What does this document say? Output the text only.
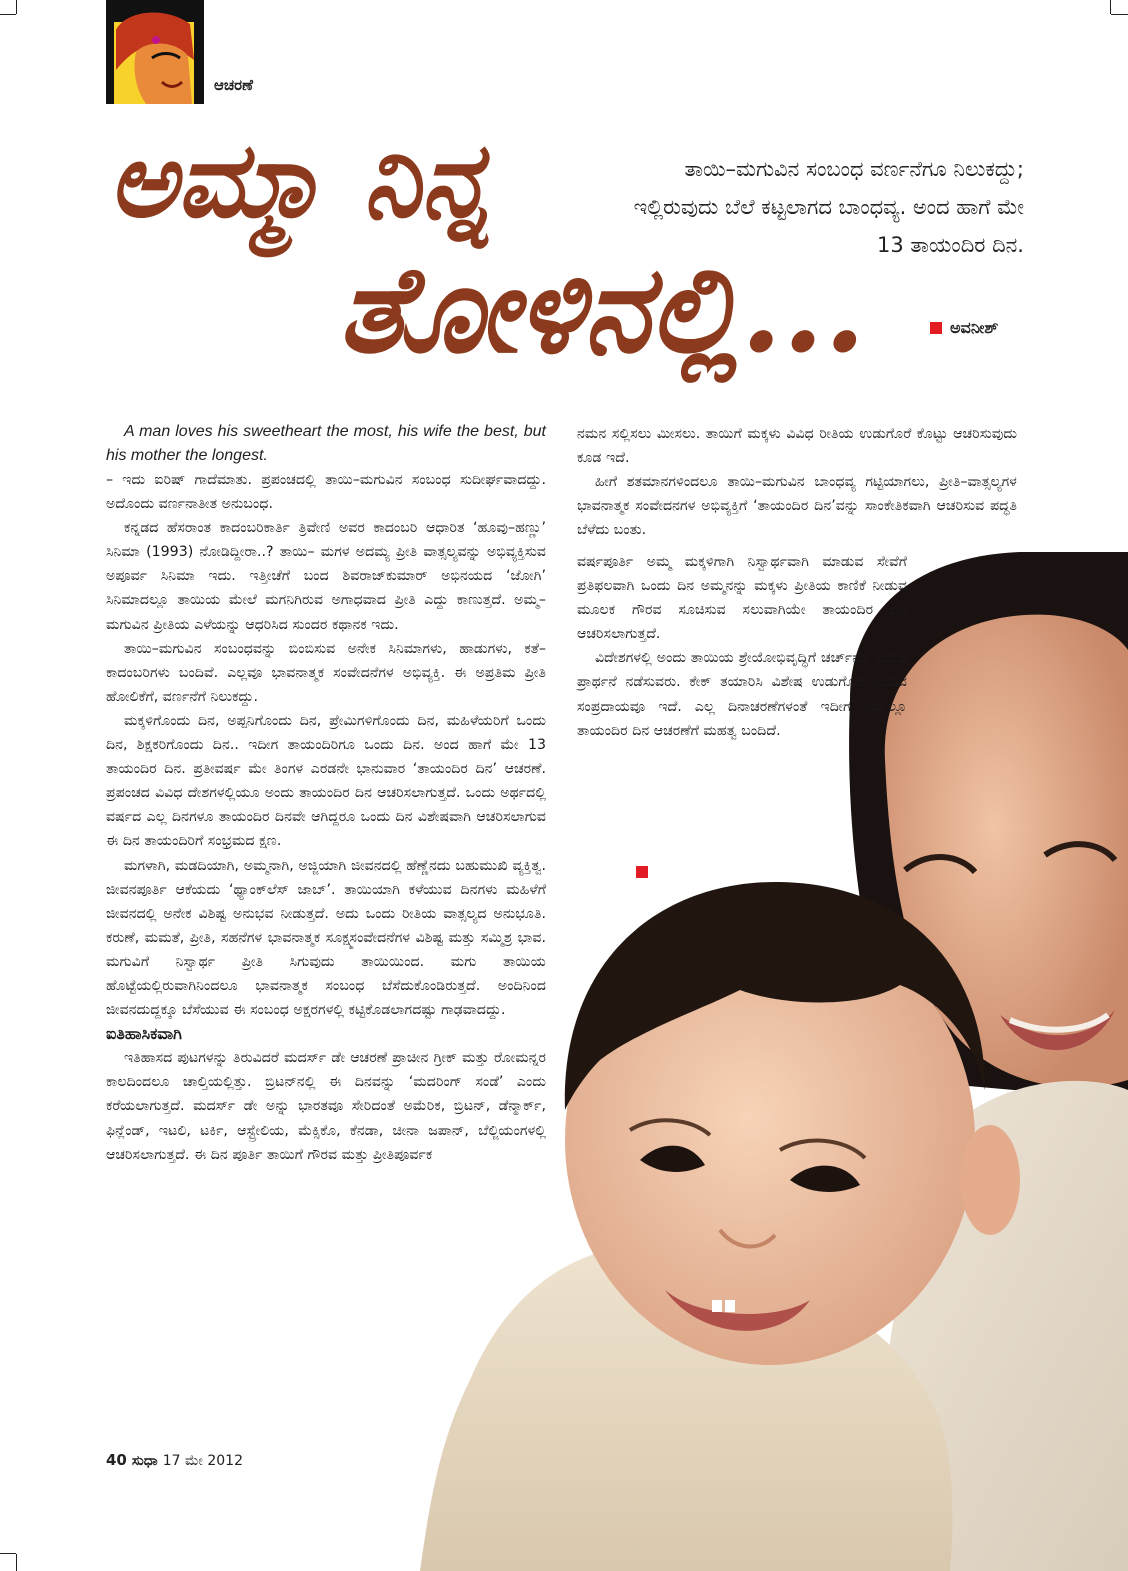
ಆಚರಣೆ
ಅಮ್ಮಾ ನಿನ್ನ
ತೋಳಿನಲ್ಲಿ...
ತಾಯಿ–ಮಗುವಿನ ಸಂಬಂಧ ವರ್ಣನೆಗೂ ನಿಲುಕದ್ದು; ಇಲ್ಲಿರುವುದು ಬೆಲೆ ಕಟ್ಟಲಾಗದ ಬಾಂಧವ್ಯ. ಅಂದ ಹಾಗೆ ಮೇ 13 ತಾಯಂದಿರ ದಿನ.
ಅವನೀಶ್

A man loves his sweetheart the most, his wife the best, but his mother the longest.

– ಇದು ಐರಿಷ್ ಗಾದೆಮಾತು. ಪ್ರಪಂಚದಲ್ಲಿ ತಾಯಿ–ಮಗುವಿನ ಸಂಬಂಧ ಸುದೀರ್ಘವಾದದ್ದು. ಅದೊಂದು ವರ್ಣನಾತೀತ ಅನುಬಂಧ.

ಕನ್ನಡದ ಹೆಸರಾಂತ ಕಾದಂಬರಿಕಾರ್ತಿ ತ್ರಿವೇಣಿ ಅವರ ಕಾದಂಬರಿ ಆಧಾರಿತ ‘ಹೂವು–ಹಣ್ಣು’ ಸಿನಿಮಾ (1993) ನೋಡಿದ್ದೀರಾ..? ತಾಯಿ– ಮಗಳ ಅದಮ್ಯ ಪ್ರೀತಿ ವಾತ್ಸಲ್ಯವನ್ನು ಅಭಿವ್ಯಕ್ತಿಸುವ ಅಪೂರ್ವ ಸಿನಿಮಾ ಇದು. ಇತ್ತೀಚೆಗೆ ಬಂದ ಶಿವರಾಜ್‌ಕುಮಾರ್ ಅಭಿನಯದ ‘ಜೋಗಿ’ ಸಿನಿಮಾದಲ್ಲೂ ತಾಯಿಯ ಮೇಲೆ ಮಗನಿಗಿರುವ ಅಗಾಧವಾದ ಪ್ರೀತಿ ಎದ್ದು ಕಾಣುತ್ತದೆ. ಅಮ್ಮ–ಮಗುವಿನ ಪ್ರೀತಿಯ ಎಳೆಯನ್ನು ಆಧರಿಸಿದ ಸುಂದರ ಕಥಾನಕ ಇದು.

ತಾಯಿ–ಮಗುವಿನ ಸಂಬಂಧವನ್ನು ಬಿಂಬಿಸುವ ಅನೇಕ ಸಿನಿಮಾಗಳು, ಹಾಡುಗಳು, ಕತೆ–ಕಾದಂಬರಿಗಳು ಬಂದಿವೆ. ಎಲ್ಲವೂ ಭಾವನಾತ್ಮಕ ಸಂವೇದನೆಗಳ ಅಭಿವ್ಯಕ್ತಿ. ಈ ಅಪ್ರತಿಮ ಪ್ರೀತಿ ಹೋಲಿಕೆಗೆ, ವರ್ಣನೆಗೆ ನಿಲುಕದ್ದು.

ಮಕ್ಕಳಿಗೊಂದು ದಿನ, ಅಪ್ಪನಿಗೊಂದು ದಿನ, ಪ್ರೇಮಿಗಳಿಗೊಂದು ದಿನ, ಮಹಿಳೆಯರಿಗೆ ಒಂದು ದಿನ, ಶಿಕ್ಷಕರಿಗೊಂದು ದಿನ.. ಇದೀಗ ತಾಯಂದಿರಿಗೂ ಒಂದು ದಿನ. ಅಂದ ಹಾಗೆ ಮೇ 13 ತಾಯಂದಿರ ದಿನ. ಪ್ರತೀವರ್ಷ ಮೇ ತಿಂಗಳ ಎರಡನೇ ಭಾನುವಾರ ‘ತಾಯಂದಿರ ದಿನ’ ಆಚರಣೆ. ಪ್ರಪಂಚದ ವಿವಿಧ ದೇಶಗಳಲ್ಲಿಯೂ ಅಂದು ತಾಯಂದಿರ ದಿನ ಆಚರಿಸಲಾಗುತ್ತದೆ. ಒಂದು ಅರ್ಥದಲ್ಲಿ ವರ್ಷದ ಎಲ್ಲ ದಿನಗಳೂ ತಾಯಂದಿರ ದಿನವೇ ಆಗಿದ್ದರೂ ಒಂದು ದಿನ ವಿಶೇಷವಾಗಿ ಆಚರಿಸಲಾಗುವ ಈ ದಿನ ತಾಯಂದಿರಿಗೆ ಸಂಭ್ರಮದ ಕ್ಷಣ.

ಮಗಳಾಗಿ, ಮಡದಿಯಾಗಿ, ಅಮ್ಮನಾಗಿ, ಅಜ್ಜಿಯಾಗಿ ಜೀವನದಲ್ಲಿ ಹೆಣ್ಣೆನದು ಬಹುಮುಖಿ ವ್ಯಕ್ತಿತ್ವ. ಜೀವನಪೂರ್ತಿ ಆಕೆಯದು ‘ಥ್ಯಾಂಕ್‌ಲೆಸ್ ಜಾಬ್’. ತಾಯಿಯಾಗಿ ಕಳೆಯುವ ದಿನಗಳು ಮಹಿಳೆಗೆ ಜೀವನದಲ್ಲಿ ಅನೇಕ ವಿಶಿಷ್ಟ ಅನುಭವ ನೀಡುತ್ತದೆ. ಅದು ಒಂದು ರೀತಿಯ ವಾತ್ಸಲ್ಯದ ಅನುಭೂತಿ. ಕರುಣೆ, ಮಮತೆ, ಪ್ರೀತಿ, ಸಹನೆಗಳ ಭಾವನಾತ್ಮಕ ಸೂಕ್ಷ್ಮಸಂವೇದನೆಗಳ ವಿಶಿಷ್ಟ ಮತ್ತು ಸಮ್ಮಿಶ್ರ ಭಾವ. ಮಗುವಿಗೆ ನಿಸ್ವಾರ್ಥ ಪ್ರೀತಿ ಸಿಗುವುದು ತಾಯಿಯಿಂದ. ಮಗು ತಾಯಿಯ ಹೊಟ್ಟೆಯಲ್ಲಿರುವಾಗಿನಿಂದಲೂ ಭಾವನಾತ್ಮಕ ಸಂಬಂಧ ಬೆಸೆದುಕೊಂಡಿರುತ್ತದೆ. ಅಂದಿನಿಂದ ಜೀವನದುದ್ದಕ್ಕೂ ಬೆಸೆಯುವ ಈ ಸಂಬಂಧ ಅಕ್ಷರಗಳಲ್ಲಿ ಕಟ್ಟಿಕೊಡಲಾಗದಷ್ಟು ಗಾಢವಾದದ್ದು.

ಐತಿಹಾಸಿಕವಾಗಿ

ಇತಿಹಾಸದ ಪುಟಗಳನ್ನು ತಿರುವಿದರೆ ಮದರ್ಸ್ ಡೇ ಆಚರಣೆ ಪ್ರಾಚೀನ ಗ್ರೀಕ್ ಮತ್ತು ರೋಮನ್ನರ ಕಾಲದಿಂದಲೂ ಚಾಲ್ತಿಯಲ್ಲಿತ್ತು. ಬ್ರಿಟನ್‌ನಲ್ಲಿ ಈ ದಿನವನ್ನು ‘ಮದರಿಂಗ್ ಸಂಡೆ’ ಎಂದು ಕರೆಯಲಾಗುತ್ತದೆ. ಮದರ್ಸ್ ಡೇ ಅನ್ನು ಭಾರತವೂ ಸೇರಿದಂತೆ ಅಮೆರಿಕ, ಬ್ರಿಟನ್, ಡೆನ್ಮಾರ್ಕ್, ಫಿನ್ಲೆಂಡ್, ಇಟಲಿ, ಟರ್ಕಿ, ಆಸ್ಟ್ರೇಲಿಯ, ಮೆಕ್ಸಿಕೊ, ಕೆನಡಾ, ಚೀನಾ ಜಪಾನ್, ಬೆಲ್ಜಿಯಂಗಳಲ್ಲಿ ಆಚರಿಸಲಾಗುತ್ತದೆ. ಈ ದಿನ ಪೂರ್ತಿ ತಾಯಿಗೆ ಗೌರವ ಮತ್ತು ಪ್ರೀತಿಪೂರ್ವಕ

ನಮನ ಸಲ್ಲಿಸಲು ಮೀಸಲು. ತಾಯಿಗೆ ಮಕ್ಕಳು ವಿವಿಧ ರೀತಿಯ ಉಡುಗೊರೆ ಕೊಟ್ಟು ಆಚರಿಸುವುದು ಕೂಡ ಇದೆ.

ಹೀಗೆ ಶತಮಾನಗಳಿಂದಲೂ ತಾಯಿ–ಮಗುವಿನ ಬಾಂಧವ್ಯ ಗಟ್ಟಿಯಾಗಲು, ಪ್ರೀತಿ–ವಾತ್ಸಲ್ಯಗಳ ಭಾವನಾತ್ಮಕ ಸಂವೇದನಗಳ ಅಭಿವ್ಯಕ್ತಿಗೆ ‘ತಾಯಂದಿರ ದಿನ’ವನ್ನು ಸಾಂಕೇತಿಕವಾಗಿ ಆಚರಿಸುವ ಪದ್ಧತಿ ಬೆಳೆದು ಬಂತು.

ವರ್ಷಪೂರ್ತಿ ಅಮ್ಮ ಮಕ್ಕಳಿಗಾಗಿ ನಿಸ್ವಾರ್ಥವಾಗಿ ಮಾಡುವ ಸೇವೆಗೆ ಪ್ರತಿಫಲವಾಗಿ ಒಂದು ದಿನ ಅಮ್ಮನನ್ನು ಮಕ್ಕಳು ಪ್ರೀತಿಯ ಕಾಣಿಕೆ ನೀಡುವ ಮೂಲಕ ಗೌರವ ಸೂಚಿಸುವ ಸಲುವಾಗಿಯೇ ತಾಯಂದಿರ ದಿನ ಆಚರಿಸಲಾಗುತ್ತದೆ.

ವಿದೇಶಗಳಲ್ಲಿ ಅಂದು ತಾಯಿಯ ಶ್ರೇಯೋಭಿವೃದ್ಧಿಗೆ ಚರ್ಚ್‌ನಲ್ಲಿ ವಿಶೇಷ ಪ್ರಾರ್ಥನೆ ನಡೆಸುವರು. ಕೇಕ್ ತಯಾರಿಸಿ ವಿಶೇಷ ಉಡುಗೊರೆ ನೀಡುವ ಸಂಪ್ರದಾಯವೂ ಇದೆ. ಎಲ್ಲ ದಿನಾಚರಣೆಗಳಂತೆ ಇದೀಗ ನಮ್ಮಲ್ಲೂ ತಾಯಂದಿರ ದಿನ ಆಚರಣೆಗೆ ಮಹತ್ವ ಬಂದಿದೆ.

40 ಸುಧಾ 17 ಮೇ 2012
